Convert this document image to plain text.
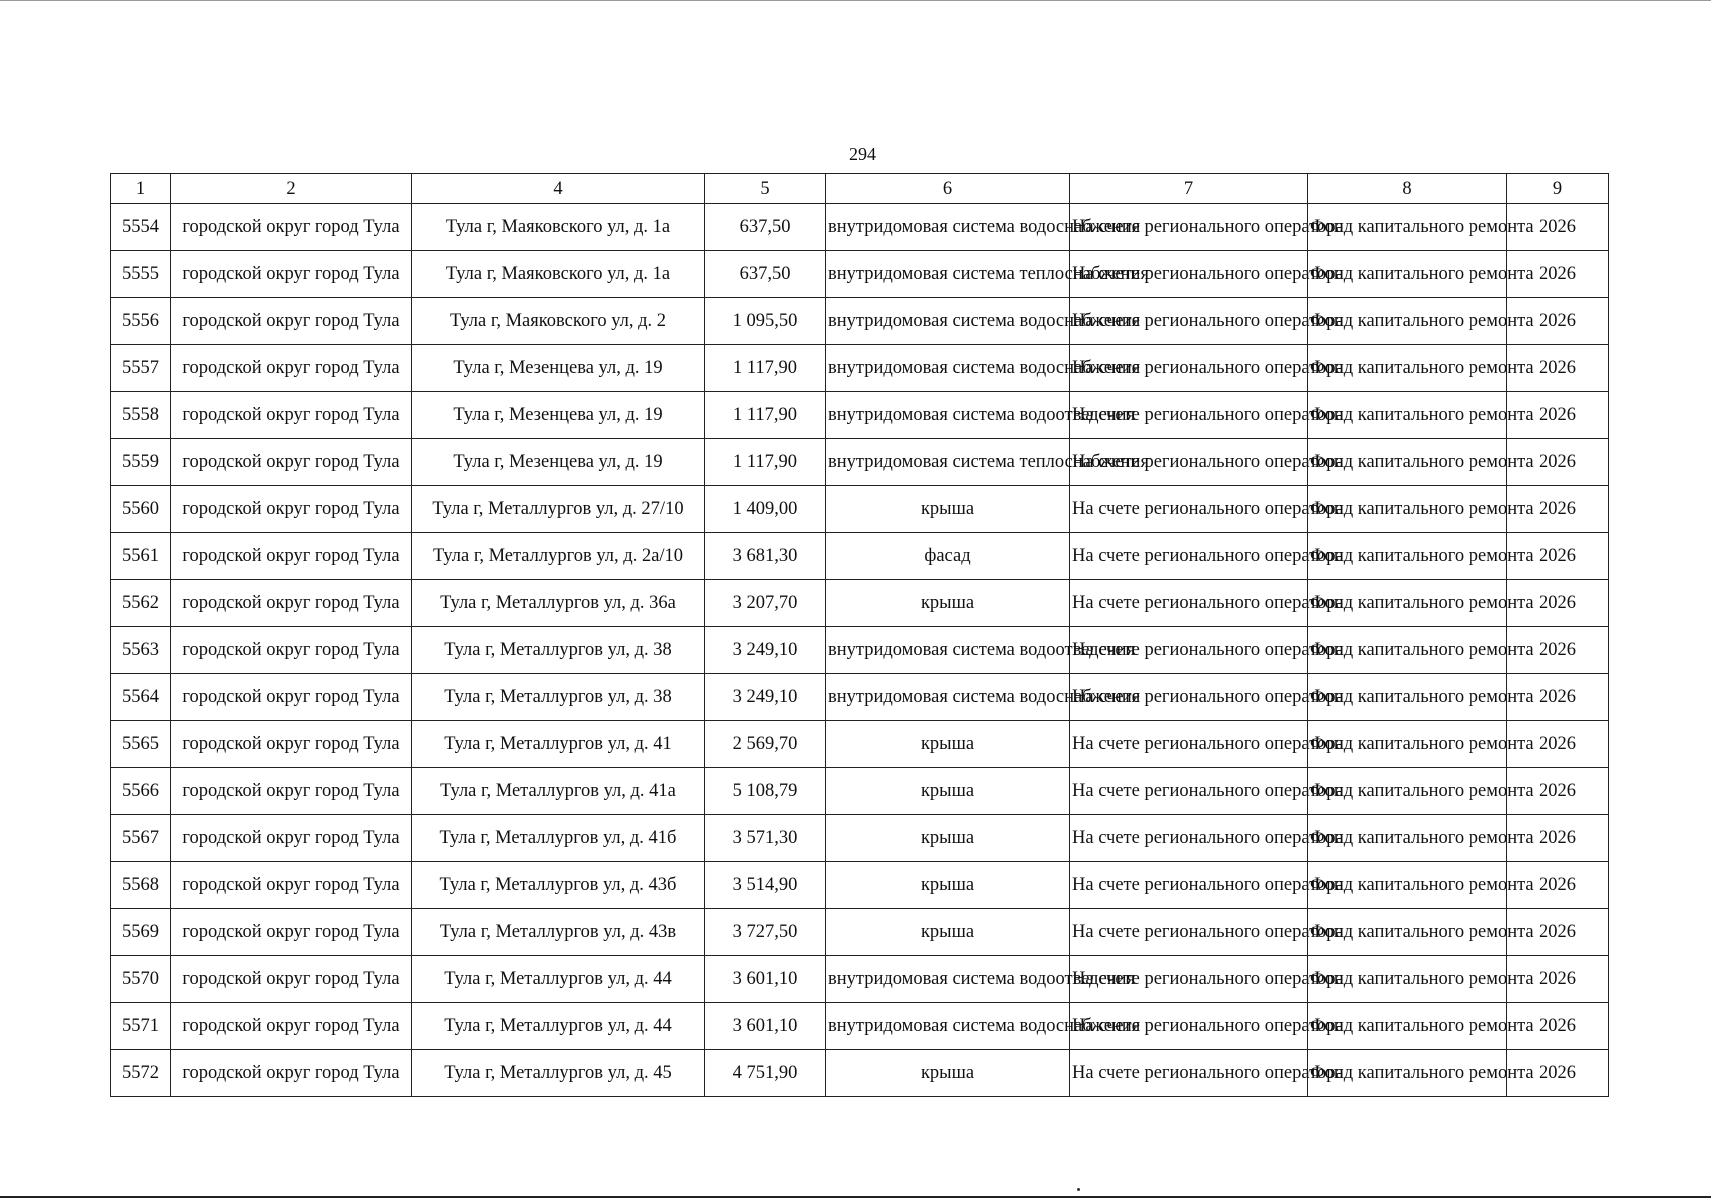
294
1	2	4	5	6	7	8	9
5554	городской округ город Тула	Тула г, Маяковского ул, д. 1а	637,50	внутридомовая система водоснабжения	На счете регионального оператора	Фонд капитального ремонта	2026
5555	городской округ город Тула	Тула г, Маяковского ул, д. 1а	637,50	внутридомовая система теплоснабжения	На счете регионального оператора	Фонд капитального ремонта	2026
5556	городской округ город Тула	Тула г, Маяковского ул, д. 2	1 095,50	внутридомовая система водоснабжения	На счете регионального оператора	Фонд капитального ремонта	2026
5557	городской округ город Тула	Тула г, Мезенцева ул, д. 19	1 117,90	внутридомовая система водоснабжения	На счете регионального оператора	Фонд капитального ремонта	2026
5558	городской округ город Тула	Тула г, Мезенцева ул, д. 19	1 117,90	внутридомовая система водоотведения	На счете регионального оператора	Фонд капитального ремонта	2026
5559	городской округ город Тула	Тула г, Мезенцева ул, д. 19	1 117,90	внутридомовая система теплоснабжения	На счете регионального оператора	Фонд капитального ремонта	2026
5560	городской округ город Тула	Тула г, Металлургов ул, д. 27/10	1 409,00	крыша	На счете регионального оператора	Фонд капитального ремонта	2026
5561	городской округ город Тула	Тула г, Металлургов ул, д. 2а/10	3 681,30	фасад	На счете регионального оператора	Фонд капитального ремонта	2026
5562	городской округ город Тула	Тула г, Металлургов ул, д. 36а	3 207,70	крыша	На счете регионального оператора	Фонд капитального ремонта	2026
5563	городской округ город Тула	Тула г, Металлургов ул, д. 38	3 249,10	внутридомовая система водоотведения	На счете регионального оператора	Фонд капитального ремонта	2026
5564	городской округ город Тула	Тула г, Металлургов ул, д. 38	3 249,10	внутридомовая система водоснабжения	На счете регионального оператора	Фонд капитального ремонта	2026
5565	городской округ город Тула	Тула г, Металлургов ул, д. 41	2 569,70	крыша	На счете регионального оператора	Фонд капитального ремонта	2026
5566	городской округ город Тула	Тула г, Металлургов ул, д. 41а	5 108,79	крыша	На счете регионального оператора	Фонд капитального ремонта	2026
5567	городской округ город Тула	Тула г, Металлургов ул, д. 41б	3 571,30	крыша	На счете регионального оператора	Фонд капитального ремонта	2026
5568	городской округ город Тула	Тула г, Металлургов ул, д. 43б	3 514,90	крыша	На счете регионального оператора	Фонд капитального ремонта	2026
5569	городской округ город Тула	Тула г, Металлургов ул, д. 43в	3 727,50	крыша	На счете регионального оператора	Фонд капитального ремонта	2026
5570	городской округ город Тула	Тула г, Металлургов ул, д. 44	3 601,10	внутридомовая система водоотведения	На счете регионального оператора	Фонд капитального ремонта	2026
5571	городской округ город Тула	Тула г, Металлургов ул, д. 44	3 601,10	внутридомовая система водоснабжения	На счете регионального оператора	Фонд капитального ремонта	2026
5572	городской округ город Тула	Тула г, Металлургов ул, д. 45	4 751,90	крыша	На счете регионального оператора	Фонд капитального ремонта	2026
